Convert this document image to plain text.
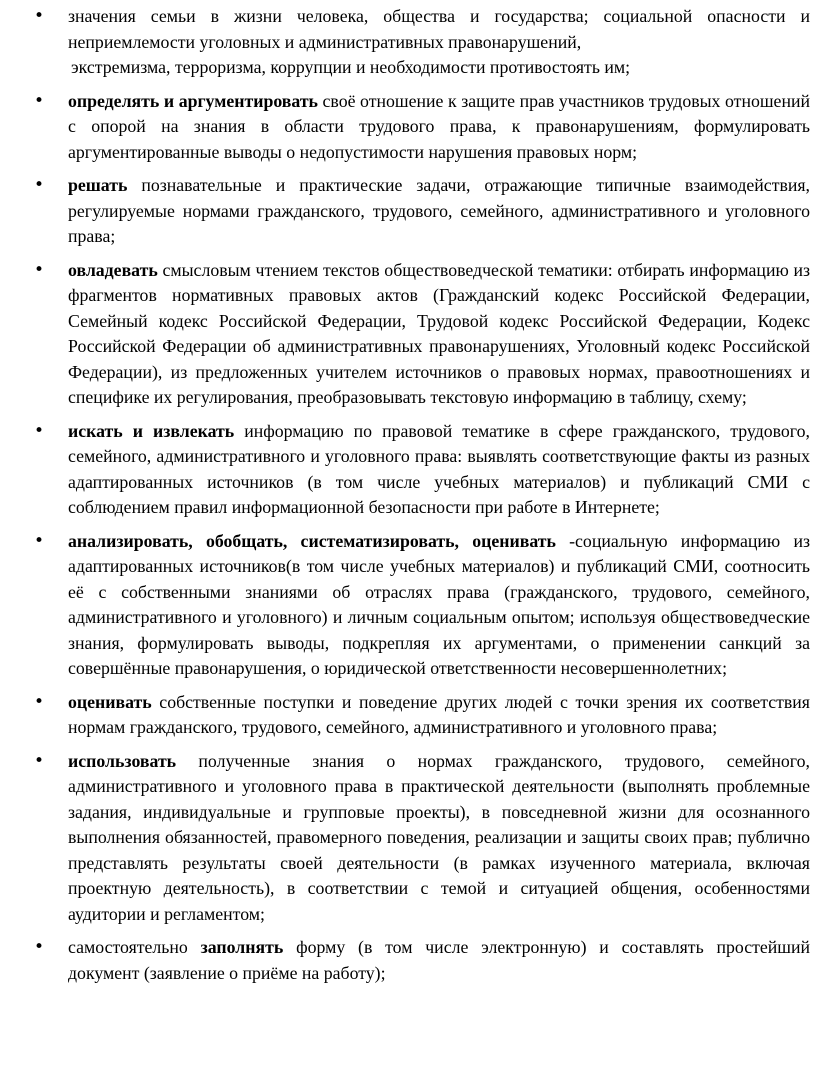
• значения семьи в жизни человека, общества и государства; социальной опасности и неприемлемости уголовных и административных правонарушений,
экстремизма, терроризма, коррупции и необходимости противостоять им;
• определять и аргументировать своё отношение к защите прав участников трудовых отношений с опорой на знания в области трудового права, к правонарушениям, формулировать аргументированные выводы о недопустимости нарушения правовых норм;
• решать познавательные и практические задачи, отражающие типичные взаимодействия, регулируемые нормами гражданского, трудового, семейного, административного и уголовного права;
• овладевать смысловым чтением текстов обществоведческой тематики: отбирать информацию из фрагментов нормативных правовых актов (Гражданский кодекс Российской Федерации, Семейный кодекс Российской Федерации, Трудовой кодекс Российской Федерации, Кодекс Российской Федерации об административных правонарушениях, Уголовный кодекс Российской Федерации), из предложенных учителем источников о правовых нормах, правоотношениях и специфике их регулирования, преобразовывать текстовую информацию в таблицу, схему;
• искать и извлекать информацию по правовой тематике в сфере гражданского, трудового, семейного, административного и уголовного права: выявлять соответствующие факты из разных адаптированных источников (в том числе учебных материалов) и публикаций СМИ с соблюдением правил информационной безопасности при работе в Интернете;
• анализировать, обобщать, систематизировать, оценивать -социальную информацию из адаптированных источников(в том числе учебных материалов) и публикаций СМИ, соотносить её с собственными знаниями об отраслях права (гражданского, трудового, семейного, административного и уголовного) и личным социальным опытом; используя обществоведческие знания, формулировать выводы, подкрепляя их аргументами, о применении санкций за совершённые правонарушения, о юридической ответственности несовершеннолетних;
• оценивать собственные поступки и поведение других людей с точки зрения их соответствия нормам гражданского, трудового, семейного, административного и уголовного права;
• использовать полученные знания о нормах гражданского, трудового, семейного, административного и уголовного права в практической деятельности (выполнять проблемные задания, индивидуальные и групповые проекты), в повседневной жизни для осознанного выполнения обязанностей, правомерного поведения, реализации и защиты своих прав; публично представлять результаты своей деятельности (в рамках изученного материала, включая проектную деятельность), в соответствии с темой и ситуацией общения, особенностями аудитории и регламентом;
• самостоятельно заполнять форму (в том числе электронную) и составлять простейший документ (заявление о приёме на работу);
